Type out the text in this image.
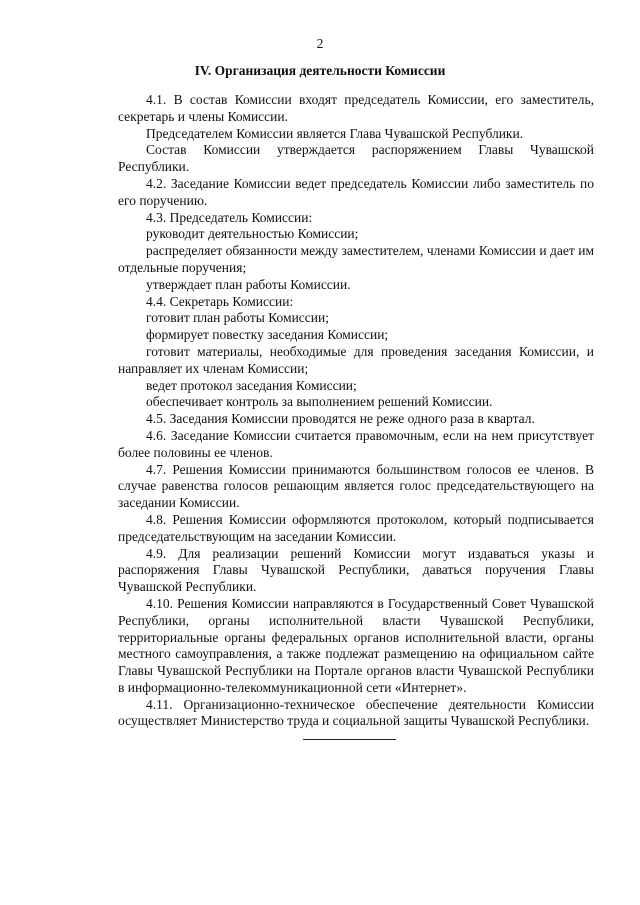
2
IV. Организация деятельности Комиссии

4.1. В состав Комиссии входят председатель Комиссии, его заместитель, секретарь и члены Комиссии.

Председателем Комиссии является Глава Чувашской Республики.

Состав Комиссии утверждается распоряжением Главы Чувашской Республики.

4.2. Заседание Комиссии ведет председатель Комиссии либо заместитель по его поручению.

4.3. Председатель Комиссии:

руководит деятельностью Комиссии;

распределяет обязанности между заместителем, членами Комиссии и дает им отдельные поручения;

утверждает план работы Комиссии.

4.4. Секретарь Комиссии:

готовит план работы Комиссии;

формирует повестку заседания Комиссии;

готовит материалы, необходимые для проведения заседания Комиссии, и направляет их членам Комиссии;

ведет протокол заседания Комиссии;

обеспечивает контроль за выполнением решений Комиссии.

4.5. Заседания Комиссии проводятся не реже одного раза в квартал.

4.6. Заседание Комиссии считается правомочным, если на нем присутствует более половины ее членов.

4.7. Решения Комиссии принимаются большинством голосов ее членов. В случае равенства голосов решающим является голос председательствующего на заседании Комиссии.

4.8. Решения Комиссии оформляются протоколом, который подписывается председательствующим на заседании Комиссии.

4.9. Для реализации решений Комиссии могут издаваться указы и распоряжения Главы Чувашской Республики, даваться поручения Главы Чувашской Республики.

4.10. Решения Комиссии направляются в Государственный Совет Чувашской Республики, органы исполнительной власти Чувашской Республики, территориальные органы федеральных органов исполнительной власти, органы местного самоуправления, а также подлежат размещению на официальном сайте Главы Чувашской Республики на Портале органов власти Чувашской Республики в информационно-телекоммуникационной сети «Интернет».

4.11. Организационно-техническое обеспечение деятельности Комиссии осуществляет Министерство труда и социальной защиты Чувашской Республики.
